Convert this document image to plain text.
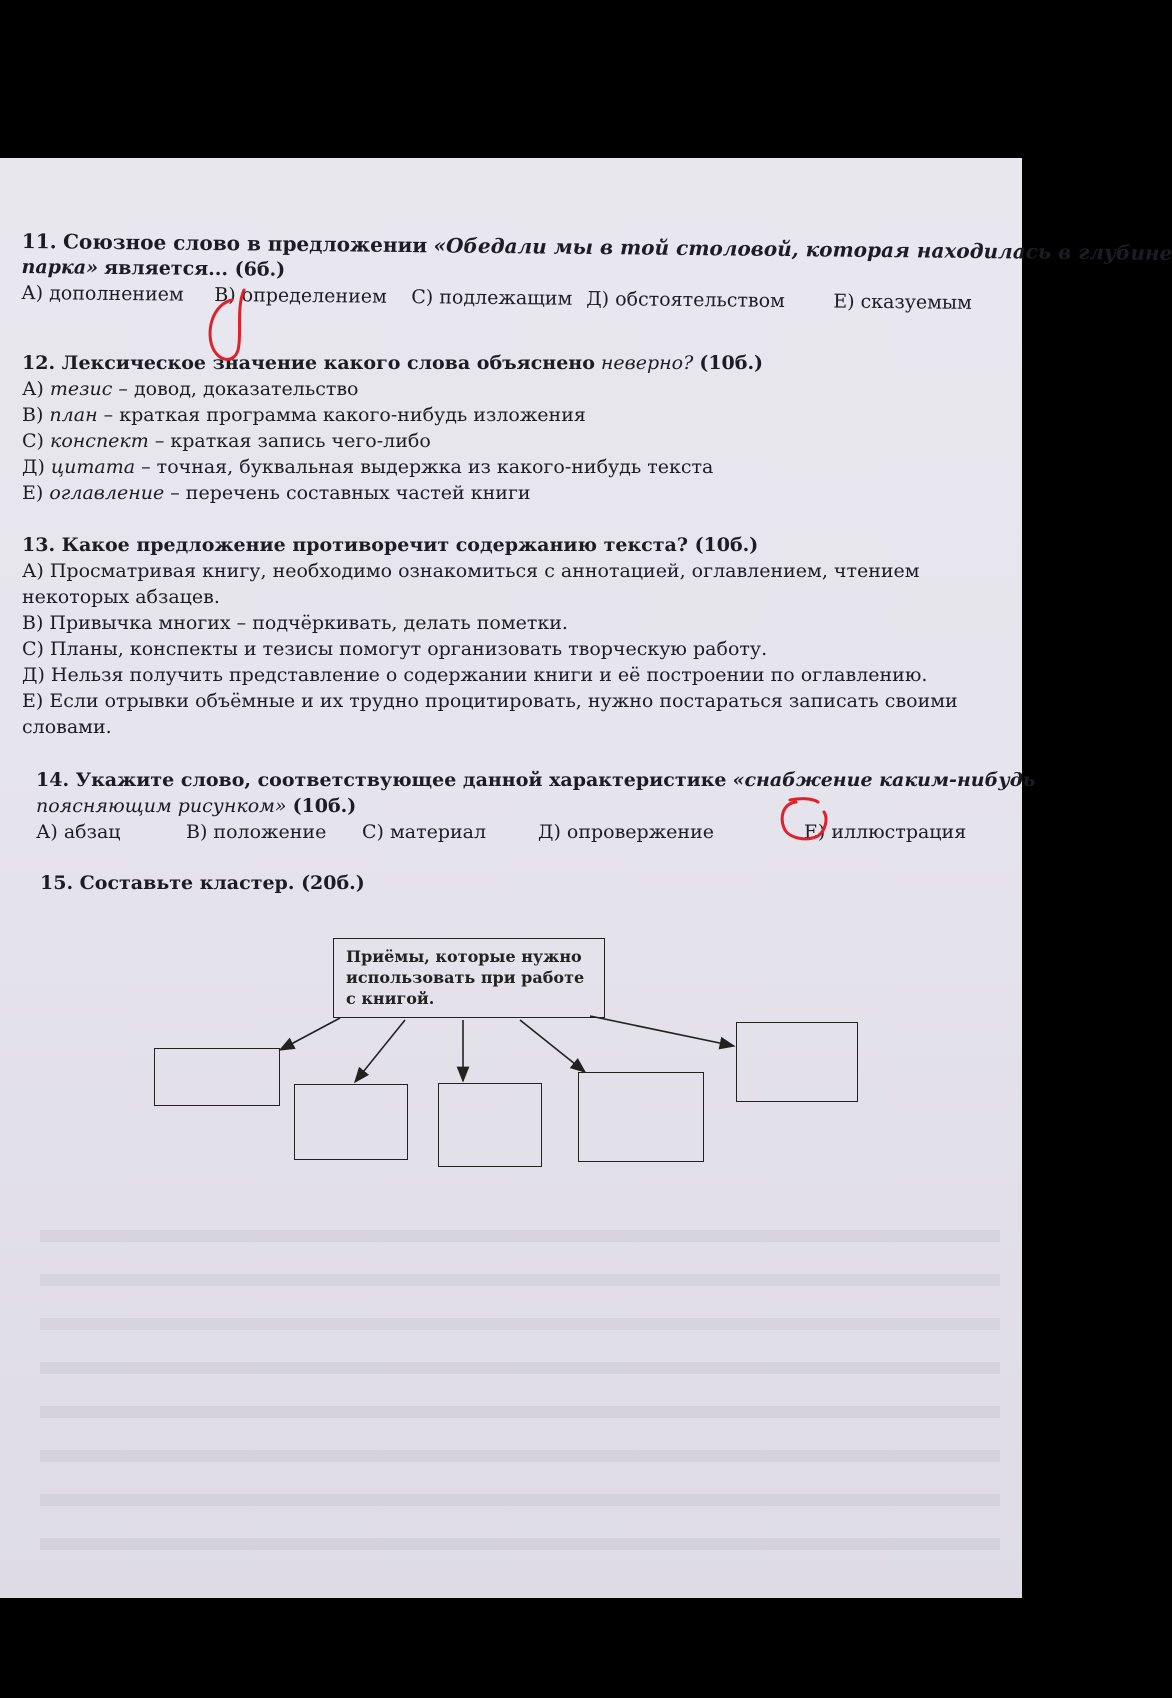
11. Союзное слово в предложении «Обедали мы в той столовой, которая находилась в глубине
парка» является... (6б.)
А) дополнением В) определением С) подлежащим Д) обстоятельством	Е) сказуемым
12. Лексическое значение какого слова объяснено неверно? (10б.)
А) тезис – довод, доказательство
В) план – краткая программа какого-нибудь изложения
С) конспект – краткая запись чего-либо
Д) цитата – точная, буквальная выдержка из какого-нибудь текста
Е) оглавление – перечень составных частей книги
13. Какое предложение противоречит содержанию текста? (10б.)
А) Просматривая книгу, необходимо ознакомиться с аннотацией, оглавлением, чтением
некоторых абзацев.
В) Привычка многих – подчёркивать, делать пометки.
С) Планы, конспекты и тезисы помогут организовать творческую работу.
Д) Нельзя получить представление о содержании книги и её построении по оглавлению.
Е) Если отрывки объёмные и их трудно процитировать, нужно постараться записать своими
словами.
14. Укажите слово, соответствующее данной характеристике «снабжение каким-нибудь
поясняющим рисунком» (10б.)
А) абзац	В) положение С) материал	Д) опровержение	Е) иллюстрация
15. Составьте кластер. (20б.)
Приёмы, которые нужно использовать при работе с книгой.
